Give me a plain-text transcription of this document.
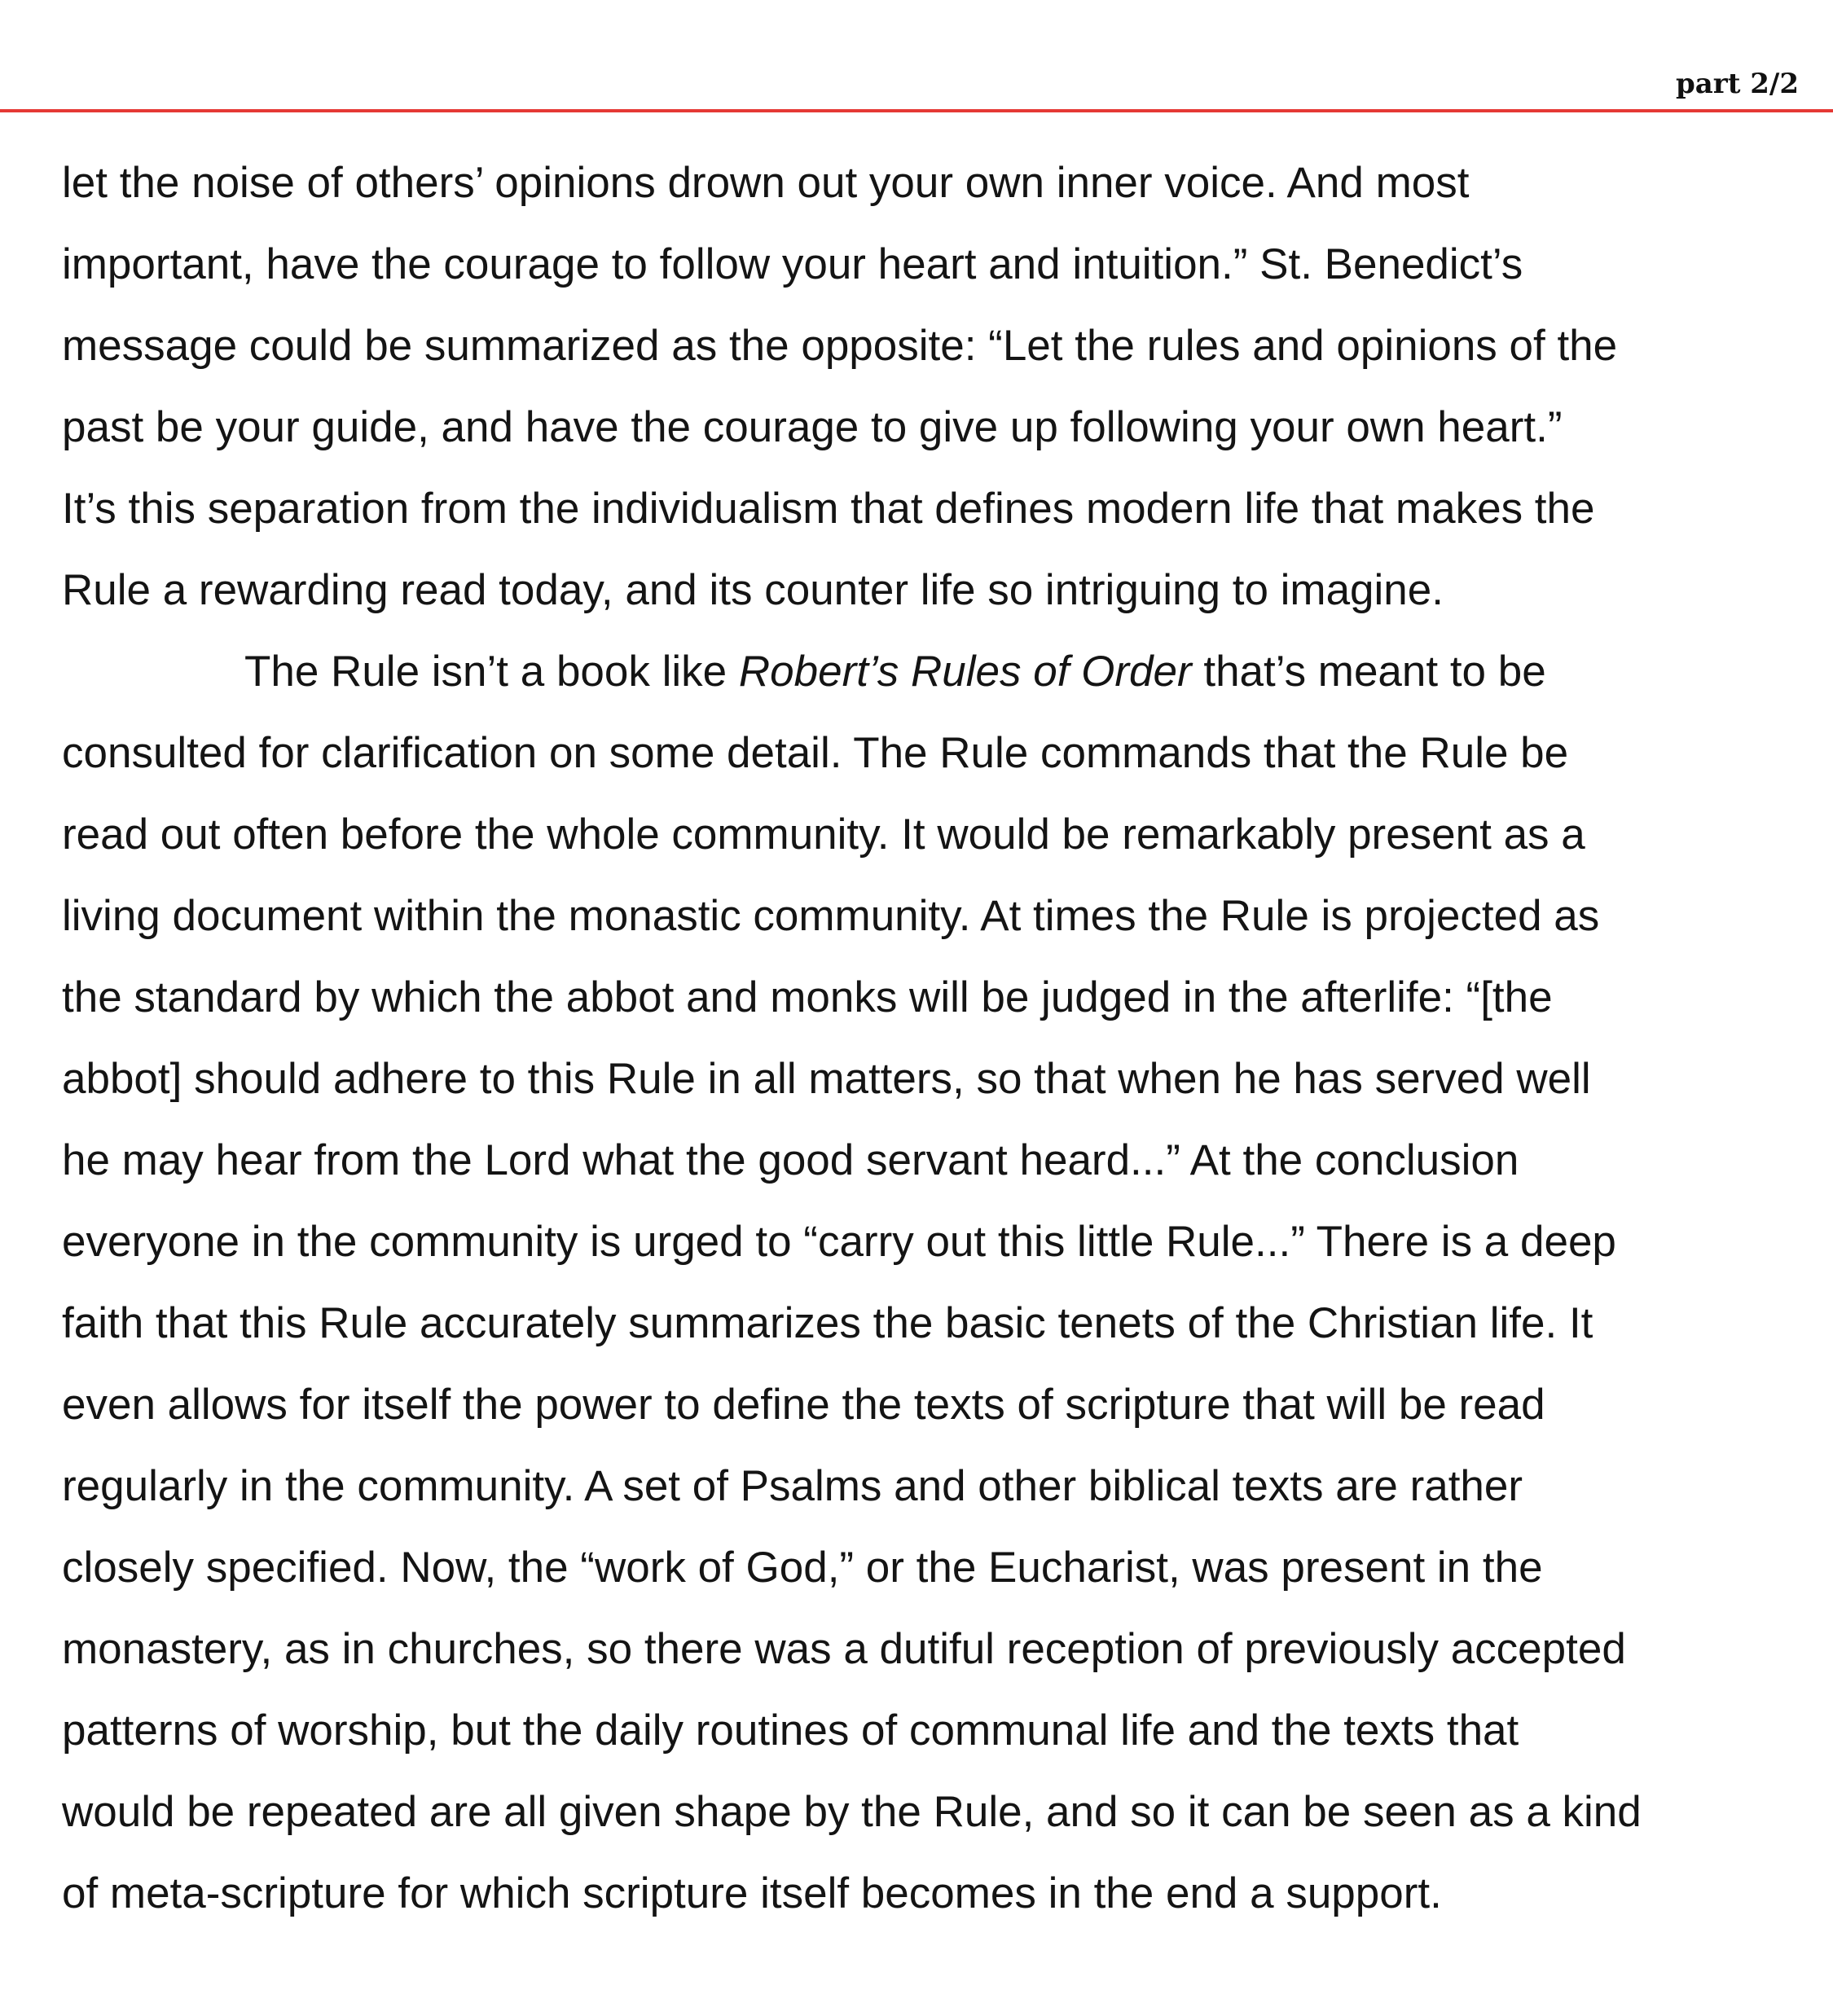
part 2/2
let the noise of others’ opinions drown out your own inner voice. And most
important, have the courage to follow your heart and intuition.” St. Benedict’s
message could be summarized as the opposite: “Let the rules and opinions of the
past be your guide, and have the courage to give up following your own heart.”
It’s this separation from the individualism that defines modern life that makes the
Rule a rewarding read today, and its counter life so intriguing to imagine.
The Rule isn’t a book like Robert’s Rules of Order that’s meant to be
consulted for clarification on some detail. The Rule commands that the Rule be
read out often before the whole community. It would be remarkably present as a
living document within the monastic community. At times the Rule is projected as
the standard by which the abbot and monks will be judged in the afterlife: “[the
abbot] should adhere to this Rule in all matters, so that when he has served well
he may hear from the Lord what the good servant heard...” At the conclusion
everyone in the community is urged to “carry out this little Rule...” There is a deep
faith that this Rule accurately summarizes the basic tenets of the Christian life. It
even allows for itself the power to define the texts of scripture that will be read
regularly in the community. A set of Psalms and other biblical texts are rather
closely specified. Now, the “work of God,” or the Eucharist, was present in the
monastery, as in churches, so there was a dutiful reception of previously accepted
patterns of worship, but the daily routines of communal life and the texts that
would be repeated are all given shape by the Rule, and so it can be seen as a kind
of meta-scripture for which scripture itself becomes in the end a support.
